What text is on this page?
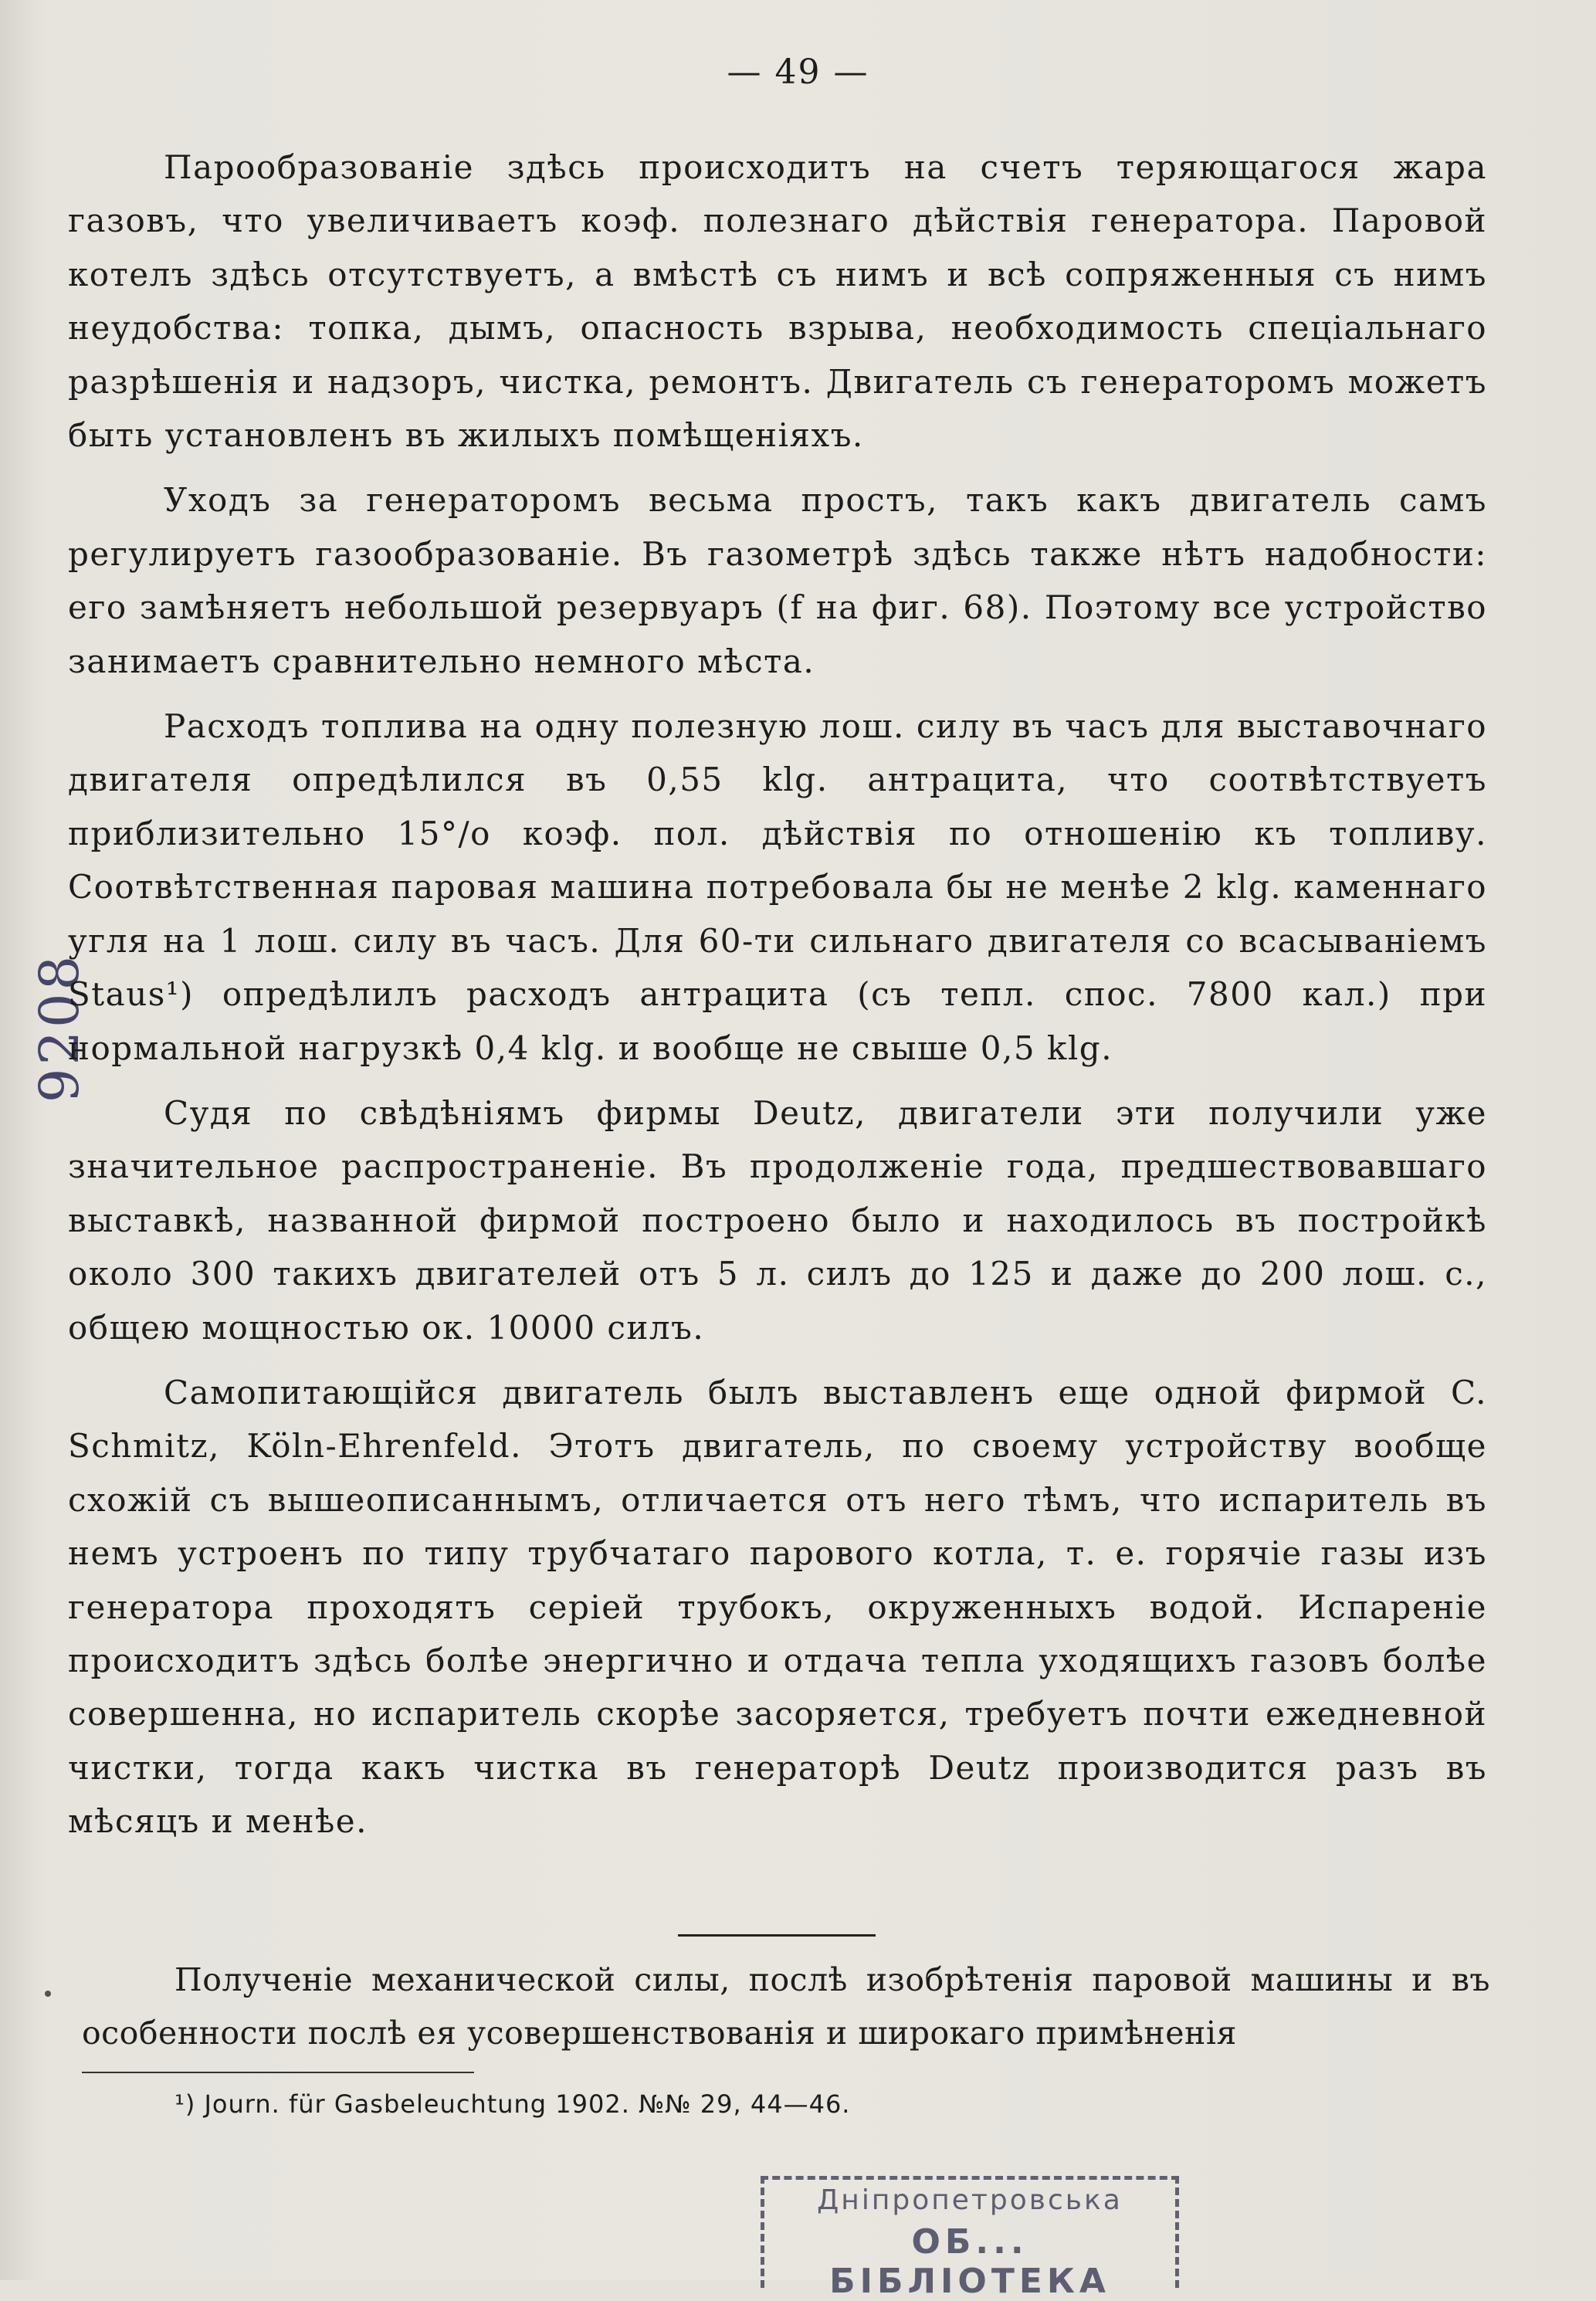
— 49 —
9208

Парообразованіе здѣсь происходитъ на счетъ теряющагося жара газовъ, что увеличиваетъ коэф. полезнаго дѣйствія генератора. Паровой котелъ здѣсь отсутствуетъ, а вмѣстѣ съ нимъ и всѣ сопряженныя съ нимъ неудобства: топка, дымъ, опасность взрыва, необходимость спеціальнаго разрѣшенія и надзоръ, чистка, ремонтъ. Двигатель съ генераторомъ можетъ быть установленъ въ жилыхъ помѣщеніяхъ.

Уходъ за генераторомъ весьма простъ, такъ какъ двигатель самъ регулируетъ газообразованіе. Въ газометрѣ здѣсь также нѣтъ надобности: его замѣняетъ небольшой резервуаръ (f на фиг. 68). Поэтому все устройство занимаетъ сравнительно немного мѣста.

Расходъ топлива на одну полезную лош. силу въ часъ для выставочнаго двигателя опредѣлился въ 0,55 klg. антрацита, что соотвѣтствуетъ приблизительно 15°/о коэф. пол. дѣйствія по отношенію къ топливу. Соотвѣтственная паровая машина потребовала бы не менѣе 2 klg. каменнаго угля на 1 лош. силу въ часъ. Для 60-ти сильнаго двигателя со всасываніемъ Staus¹) опредѣлилъ расходъ антрацита (съ тепл. спос. 7800 кал.) при нормальной нагрузкѣ 0,4 klg. и вообще не свыше 0,5 klg.

Судя по свѣдѣніямъ фирмы Deutz, двигатели эти получили уже значительное распространеніе. Въ продолженіе года, предшествовавшаго выставкѣ, названной фирмой построено было и находилось въ постройкѣ около 300 такихъ двигателей отъ 5 л. силъ до 125 и даже до 200 лош. с., общею мощностью ок. 10000 силъ.

Самопитающійся двигатель былъ выставленъ еще одной фирмой C. Schmitz, Köln-Ehrenfeld. Этотъ двигатель, по своему устройству вообще схожій съ вышеописаннымъ, отличается отъ него тѣмъ, что испаритель въ немъ устроенъ по типу трубчатаго парового котла, т. е. горячіе газы изъ генератора проходятъ серіей трубокъ, окруженныхъ водой. Испареніе происходитъ здѣсь болѣе энергично и отдача тепла уходящихъ газовъ болѣе совершенна, но испаритель скорѣе засоряется, требуетъ почти ежедневной чистки, тогда какъ чистка въ генераторѣ Deutz производится разъ въ мѣсяцъ и менѣе.

Полученіе механической силы, послѣ изобрѣтенія паровой машины и въ особенности послѣ ея усовершенствованія и широкаго примѣненія
¹) Journ. für Gasbeleuchtung 1902. №№ 29, 44—46.
Днiпропетровська
ОБ... БІБЛІОТЕКА
